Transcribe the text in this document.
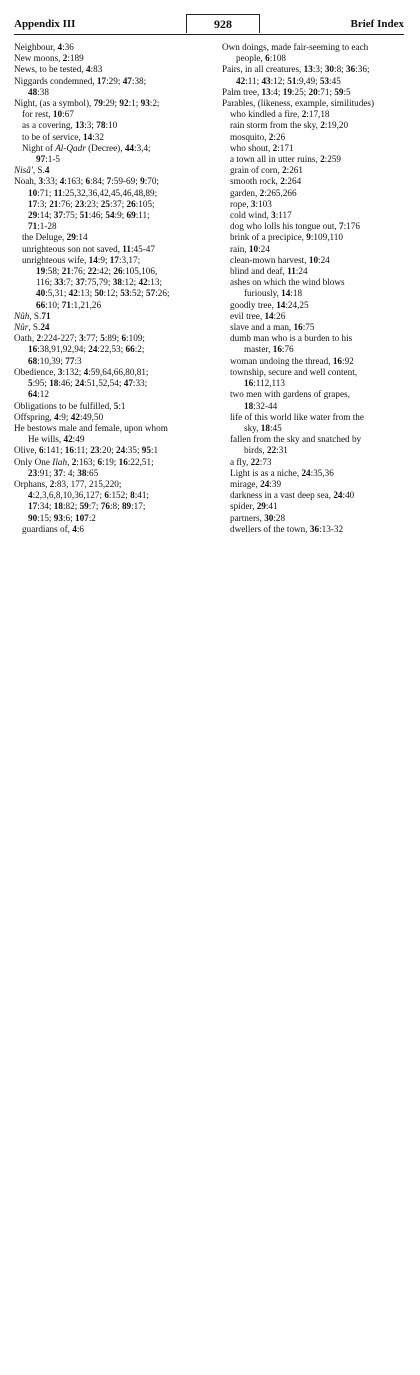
Appendix III	928	Brief Index
Neighbour, 4:36
New moons, 2:189
News, to be tested, 4:83
Niggards condemned, 17:29; 47:38;
48:38
Night, (as a symbol), 79:29; 92:1; 93:2;
for rest, 10:67
as a covering, 13:3; 78:10
to be of service, 14:32
Night of Al-Qadr (Decree), 44:3,4;
97:1-5
Nisâ', S.4
Noah, 3:33; 4:163; 6:84; 7:59-69; 9:70;
10:71; 11:25,32,36,42,45,46,48,89;
17:3; 21:76; 23:23; 25:37; 26:105;
29:14; 37:75; 51:46; 54:9; 69:11;
71:1-28
the Deluge, 29:14
unrighteous son not saved, 11:45-47
unrighteous wife, 14:9; 17:3,17;
19:58; 21:76; 22:42; 26:105,106,
116; 33:7; 37:75,79; 38:12; 42:13;
40:5,31; 42:13; 50:12; 53:52; 57:26;
66:10; 71:1,21,26
Nûh, S.71
Nûr, S.24
Oath, 2:224-227; 3:77; 5:89; 6:109;
16:38,91,92,94; 24:22,53; 66:2;
68:10,39; 77:3
Obedience, 3:132; 4:59,64,66,80,81;
5:95; 18:46; 24:51,52,54; 47:33;
64:12
Obligations to be fulfilled, 5:1
Offspring, 4:9; 42:49,50
He bestows male and female, upon whom
He wills, 42:49
Olive, 6:141; 16:11; 23:20; 24:35; 95:1
Only One Ilah, 2:163; 6:19; 16:22,51;
23:91; 37: 4; 38:65
Orphans, 2:83, 177, 215,220;
4:2,3,6,8,10,36,127; 6:152; 8:41;
17:34; 18:82; 59:7; 76:8; 89:17;
90:15; 93:6; 107:2
guardians of, 4:6
Own doings, made fair-seeming to each
people, 6:108
Pairs, in all creatures, 13:3; 30:8; 36:36;
42:11; 43:12; 51:9,49; 53:45
Palm tree, 13:4; 19:25; 20:71; 59:5
Parables, (likeness, example, similitudes)
who kindled a fire, 2:17,18
rain storm from the sky, 2:19,20
mosquito, 2:26
who shout, 2:171
a town all in utter ruins, 2:259
grain of corn, 2:261
smooth rock, 2:264
garden, 2:265,266
rope, 3:103
cold wind, 3:117
dog who lolls his tongue out, 7:176
brink of a precipice, 9:109,110
rain, 10:24
clean-mown harvest, 10:24
blind and deaf, 11:24
ashes on which the wind blows
furiously, 14:18
goodly tree, 14:24,25
evil tree, 14:26
slave and a man, 16:75
dumb man who is a burden to his
master, 16:76
woman undoing the thread, 16:92
township, secure and well content,
16:112,113
two men with gardens of grapes,
18:32-44
life of this world like water from the
sky, 18:45
fallen from the sky and snatched by
birds, 22:31
a fly, 22:73
Light is as a niche, 24:35,36
mirage, 24:39
darkness in a vast deep sea, 24:40
spider, 29:41
partners, 30:28
dwellers of the town, 36:13-32
